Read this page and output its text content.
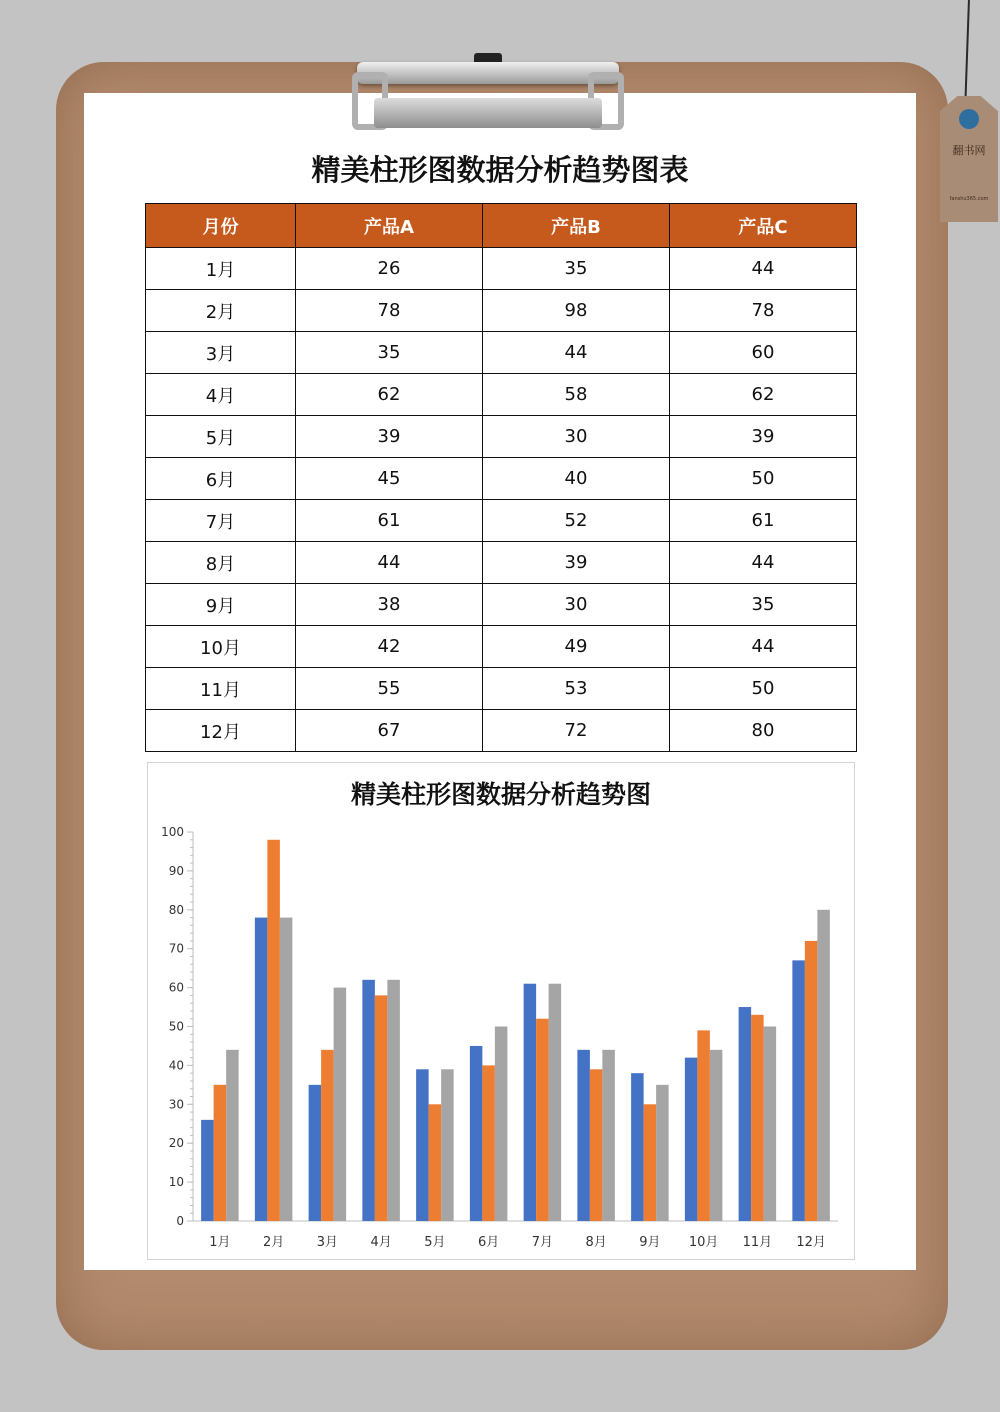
翻书网
fanshu365.com
精美柱形图数据分析趋势图表
月份	产品A	产品B	产品C
1月	26	35	44
2月	78	98	78
3月	35	44	60
4月	62	58	62
5月	39	30	39
6月	45	40	50
7月	61	52	61
8月	44	39	44
9月	38	30	35
10月	42	49	44
11月	55	53	50
12月	67	72	80
精美柱形图数据分析趋势图
0
10
20
30
40
50
60
70
80
90
100
1月 2月 3月 4月 5月 6月 7月 8月 9月 10月 11月 12月
